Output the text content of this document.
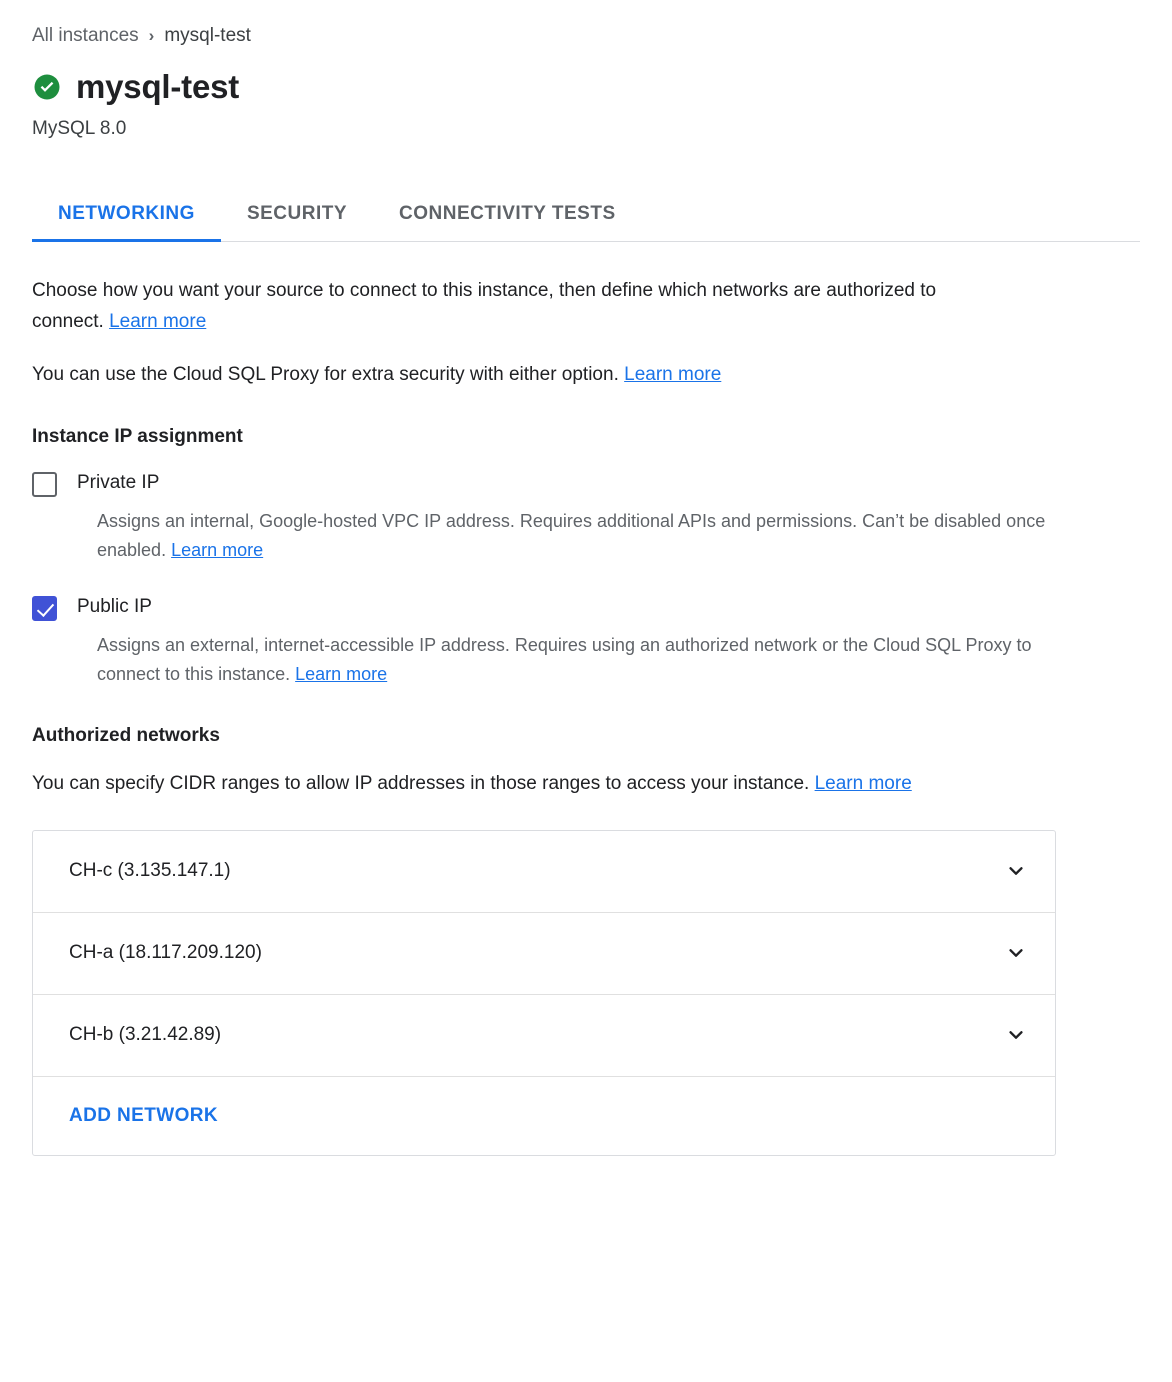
All instances › mysql-test
mysql-test
MySQL 8.0
NETWORKING	SECURITY	CONNECTIVITY TESTS

Choose how you want your source to connect to this instance, then define which networks are authorized to connect. Learn more

You can use the Cloud SQL Proxy for extra security with either option. Learn more

Instance IP assignment
Private IP
Assigns an internal, Google-hosted VPC IP address. Requires additional APIs and permissions. Can’t be disabled once enabled. Learn more
Public IP
Assigns an external, internet-accessible IP address. Requires using an authorized network or the Cloud SQL Proxy to connect to this instance. Learn more
Authorized networks

You can specify CIDR ranges to allow IP addresses in those ranges to access your instance. Learn more

CH-c (3.135.147.1)
CH-a (18.117.209.120)
CH-b (3.21.42.89)
ADD NETWORK
